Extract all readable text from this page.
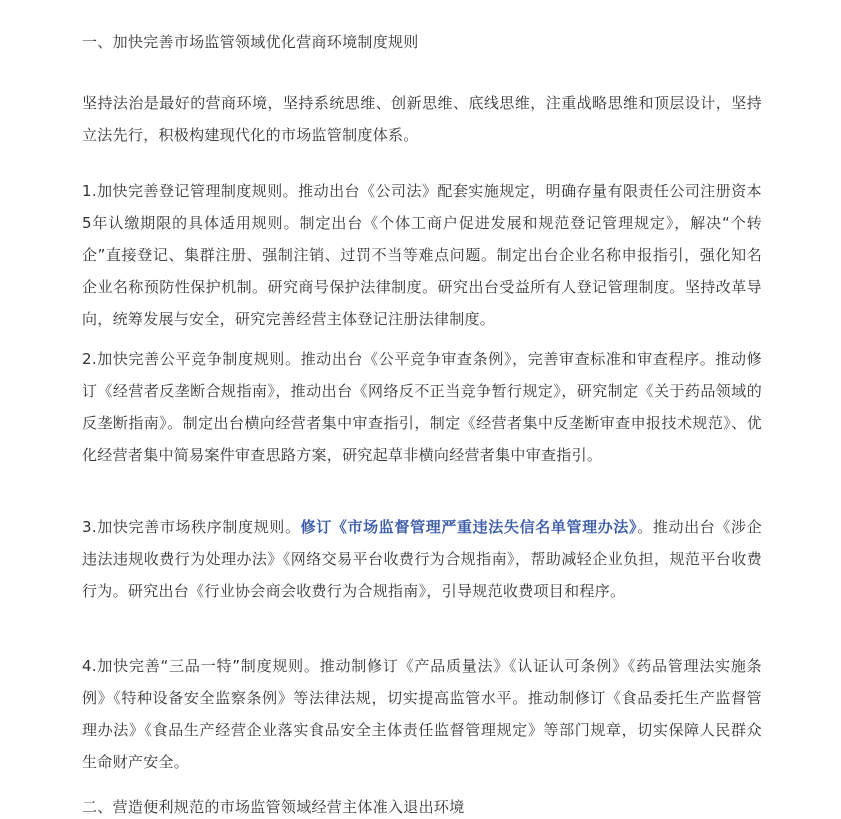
一、加快完善市场监管领域优化营商环境制度规则

坚持法治是最好的营商环境，坚持系统思维、创新思维、底线思维，注重战略思维和顶层设计，坚持立法先行，积极构建现代化的市场监管制度体系。

1.加快完善登记管理制度规则。推动出台《公司法》配套实施规定，明确存量有限责任公司注册资本5年认缴期限的具体适用规则。制定出台《个体工商户促进发展和规范登记管理规定》，解决“个转企”直接登记、集群注册、强制注销、过罚不当等难点问题。制定出台企业名称申报指引，强化知名企业名称预防性保护机制。研究商号保护法律制度。研究出台受益所有人登记管理制度。坚持改革导向，统筹发展与安全，研究完善经营主体登记注册法律制度。

2.加快完善公平竞争制度规则。推动出台《公平竞争审查条例》，完善审查标准和审查程序。推动修订《经营者反垄断合规指南》，推动出台《网络反不正当竞争暂行规定》，研究制定《关于药品领域的反垄断指南》。制定出台横向经营者集中审查指引，制定《经营者集中反垄断审查申报技术规范》、优化经营者集中简易案件审查思路方案，研究起草非横向经营者集中审查指引。

3.加快完善市场秩序制度规则。修订《市场监督管理严重违法失信名单管理办法》。推动出台《涉企违法违规收费行为处理办法》《网络交易平台收费行为合规指南》，帮助减轻企业负担，规范平台收费行为。研究出台《行业协会商会收费行为合规指南》，引导规范收费项目和程序。

4.加快完善“三品一特”制度规则。推动制修订《产品质量法》《认证认可条例》《药品管理法实施条例》《特种设备安全监察条例》等法律法规，切实提高监管水平。推动制修订《食品委托生产监督管理办法》《食品生产经营企业落实食品安全主体责任监督管理规定》等部门规章，切实保障人民群众生命财产安全。

二、营造便利规范的市场监管领域经营主体准入退出环境
